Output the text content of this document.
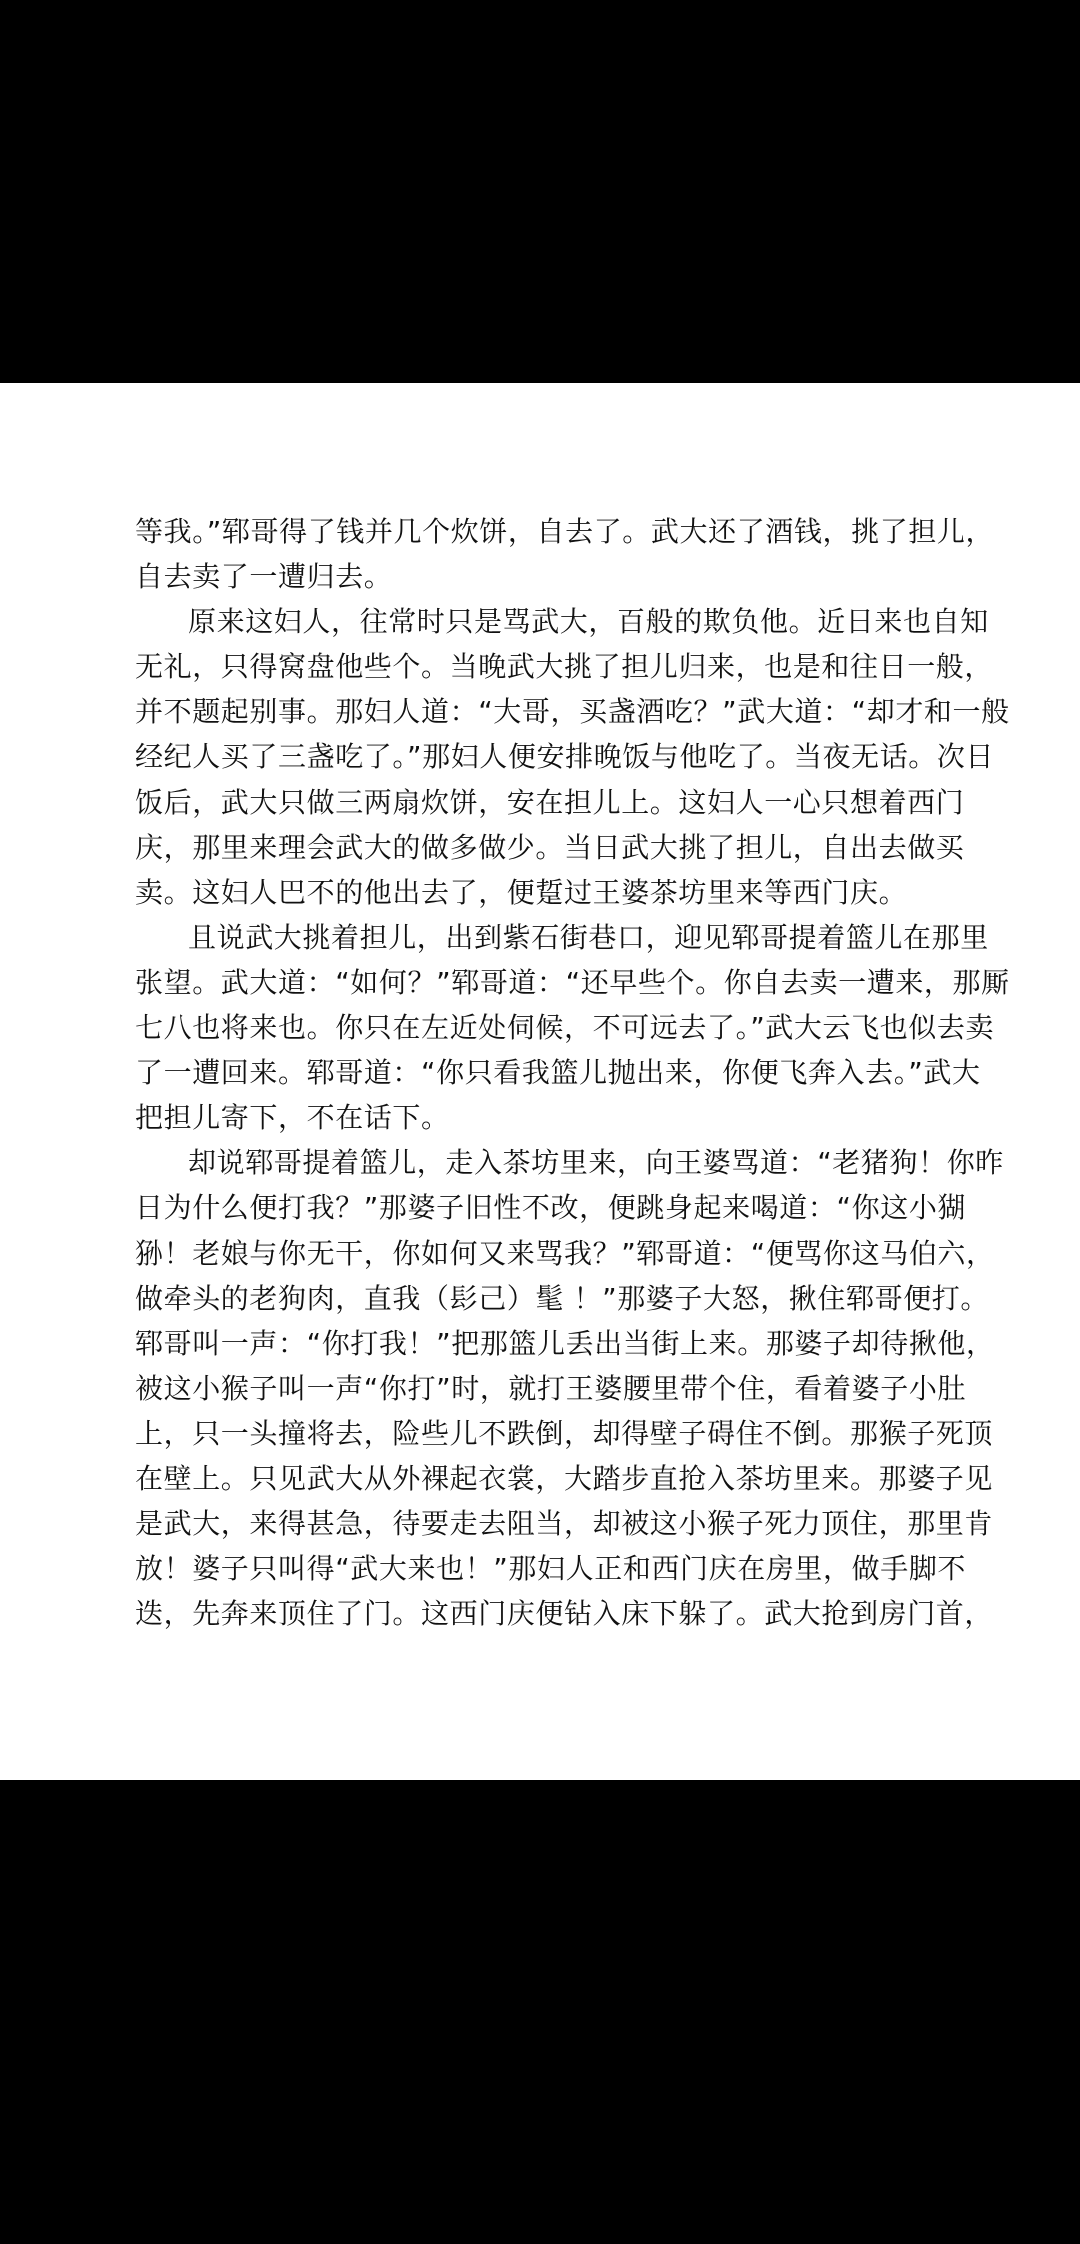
等我。”郓哥得了钱并几个炊饼，自去了。武大还了酒钱，挑了担儿，
自去卖了一遭归去。
原来这妇人，往常时只是骂武大，百般的欺负他。近日来也自知
无礼，只得窝盘他些个。当晚武大挑了担儿归来，也是和往日一般，
并不题起别事。那妇人道：“大哥，买盏酒吃？”武大道：“却才和一般
经纪人买了三盏吃了。”那妇人便安排晚饭与他吃了。当夜无话。次日
饭后，武大只做三两扇炊饼，安在担儿上。这妇人一心只想着西门
庆，那里来理会武大的做多做少。当日武大挑了担儿，自出去做买
卖。这妇人巴不的他出去了，便踅过王婆茶坊里来等西门庆。
且说武大挑着担儿，出到紫石街巷口，迎见郓哥提着篮儿在那里
张望。武大道：“如何？”郓哥道：“还早些个。你自去卖一遭来，那厮
七八也将来也。你只在左近处伺候，不可远去了。”武大云飞也似去卖
了一遭回来。郓哥道：“你只看我篮儿抛出来，你便飞奔入去。”武大
把担儿寄下，不在话下。
却说郓哥提着篮儿，走入茶坊里来，向王婆骂道：“老猪狗！你昨
日为什么便打我？”那婆子旧性不改，便跳身起来喝道：“你这小猢
狲！老娘与你无干，你如何又来骂我？”郓哥道：“便骂你这马伯六，
做牵头的老狗肉，直我（髟己）髦 ！”那婆子大怒，揪住郓哥便打。
郓哥叫一声：“你打我！”把那篮儿丢出当街上来。那婆子却待揪他，
被这小猴子叫一声“你打”时，就打王婆腰里带个住，看着婆子小肚
上，只一头撞将去，险些儿不跌倒，却得壁子碍住不倒。那猴子死顶
在壁上。只见武大从外裸起衣裳，大踏步直抢入茶坊里来。那婆子见
是武大，来得甚急，待要走去阻当，却被这小猴子死力顶住，那里肯
放！婆子只叫得“武大来也！”那妇人正和西门庆在房里，做手脚不
迭，先奔来顶住了门。这西门庆便钻入床下躲了。武大抢到房门首，
